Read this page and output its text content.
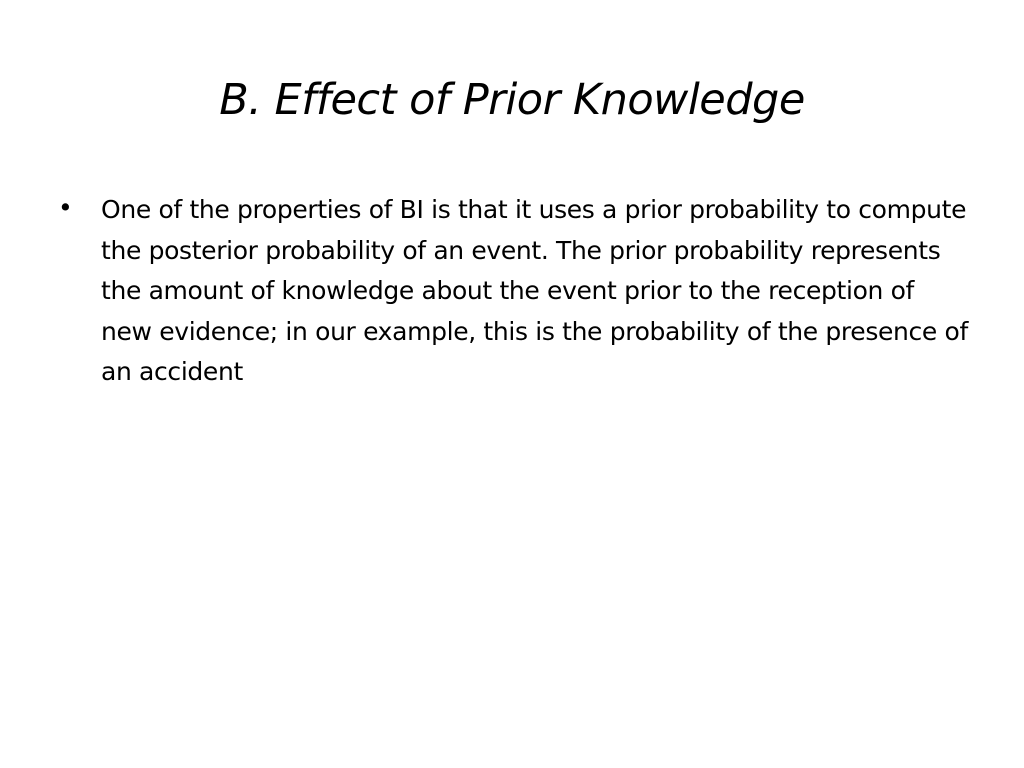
B. Effect of Prior Knowledge
• One of the properties of BI is that it uses a prior probability to compute the posterior probability of an event. The prior probability represents the amount of knowledge about the event prior to the reception of new evidence; in our example, this is the probability of the presence of an accident
